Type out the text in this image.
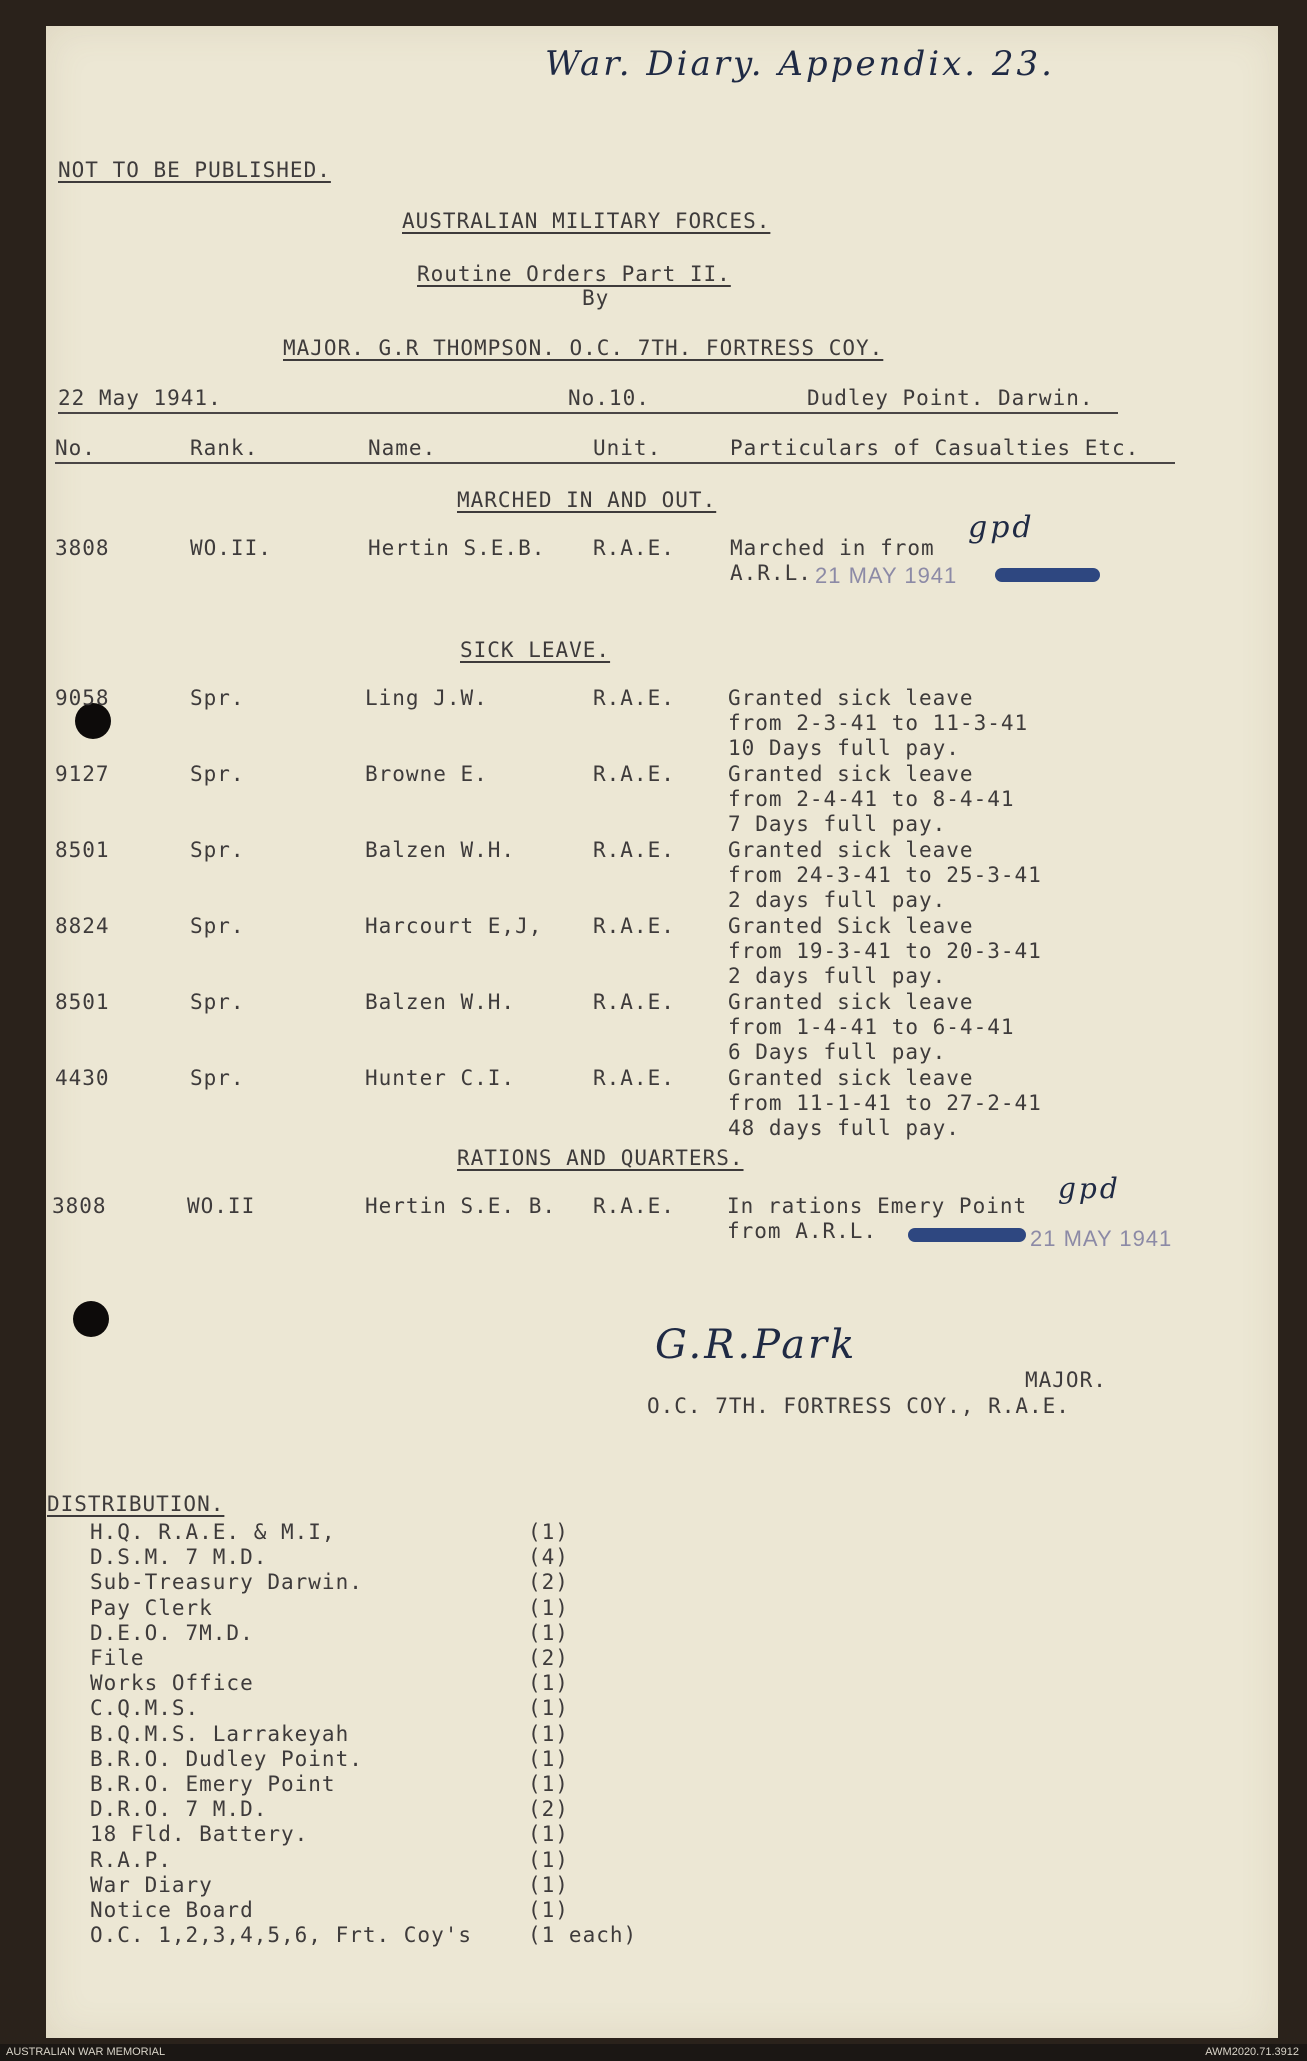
War. Diary. Appendix. 23.
NOT TO BE PUBLISHED.
AUSTRALIAN MILITARY FORCES.
Routine Orders Part II.
By
MAJOR. G.R THOMPSON. O.C. 7TH. FORTRESS COY.
22 May 1941.	No.10.	Dudley Point. Darwin.
No.	Rank.	Name.	Unit.	Particulars of Casualties Etc.
MARCHED IN AND OUT.
3808	WO.II.	Hertin S.E.B. R.A.E.	Marched in from
A.R.L.
gpd
21 MAY 1941
SICK LEAVE.
9058	Spr.	Ling J.W.	R.A.E.	Granted sick leave
from 2-3-41 to 11-3-41
10 Days full pay.
9127	Spr.	Browne E.	R.A.E.	Granted sick leave
from 2-4-41 to 8-4-41
7 Days full pay.
8501	Spr.	Balzen W.H.	R.A.E.	Granted sick leave
from 24-3-41 to 25-3-41
2 days full pay.
8824	Spr.	Harcourt E,J, R.A.E.	Granted Sick leave
from 19-3-41 to 20-3-41
2 days full pay.
8501	Spr.	Balzen W.H.	R.A.E.	Granted sick leave
from 1-4-41 to 6-4-41
6 Days full pay.
4430	Spr.	Hunter C.I.	R.A.E.	Granted sick leave
from 11-1-41 to 27-2-41
48 days full pay.
RATIONS AND QUARTERS.
3808	WO.II	Hertin S.E. B. R.A.E. In rations Emery Point
from A.R.L.
gpd
21 MAY 1941
G.R.Park
MAJOR.
O.C. 7TH. FORTRESS COY., R.A.E.
DISTRIBUTION.
H.Q. R.A.E. & M.I,	(1)
D.S.M. 7 M.D.	(4)
Sub-Treasury Darwin.	(2)
Pay Clerk	(1)
D.E.O. 7M.D.	(1)
File	(2)
Works Office	(1)
C.Q.M.S.	(1)
B.Q.M.S. Larrakeyah	(1)
B.R.O. Dudley Point.	(1)
B.R.O. Emery Point	(1)
D.R.O. 7 M.D.	(2)
18 Fld. Battery.	(1)
R.A.P.	(1)
War Diary	(1)
Notice Board	(1)
O.C. 1,2,3,4,5,6, Frt. Coy's	(1 each)
AUSTRALIAN WAR MEMORIAL	AWM2020.71.3912
